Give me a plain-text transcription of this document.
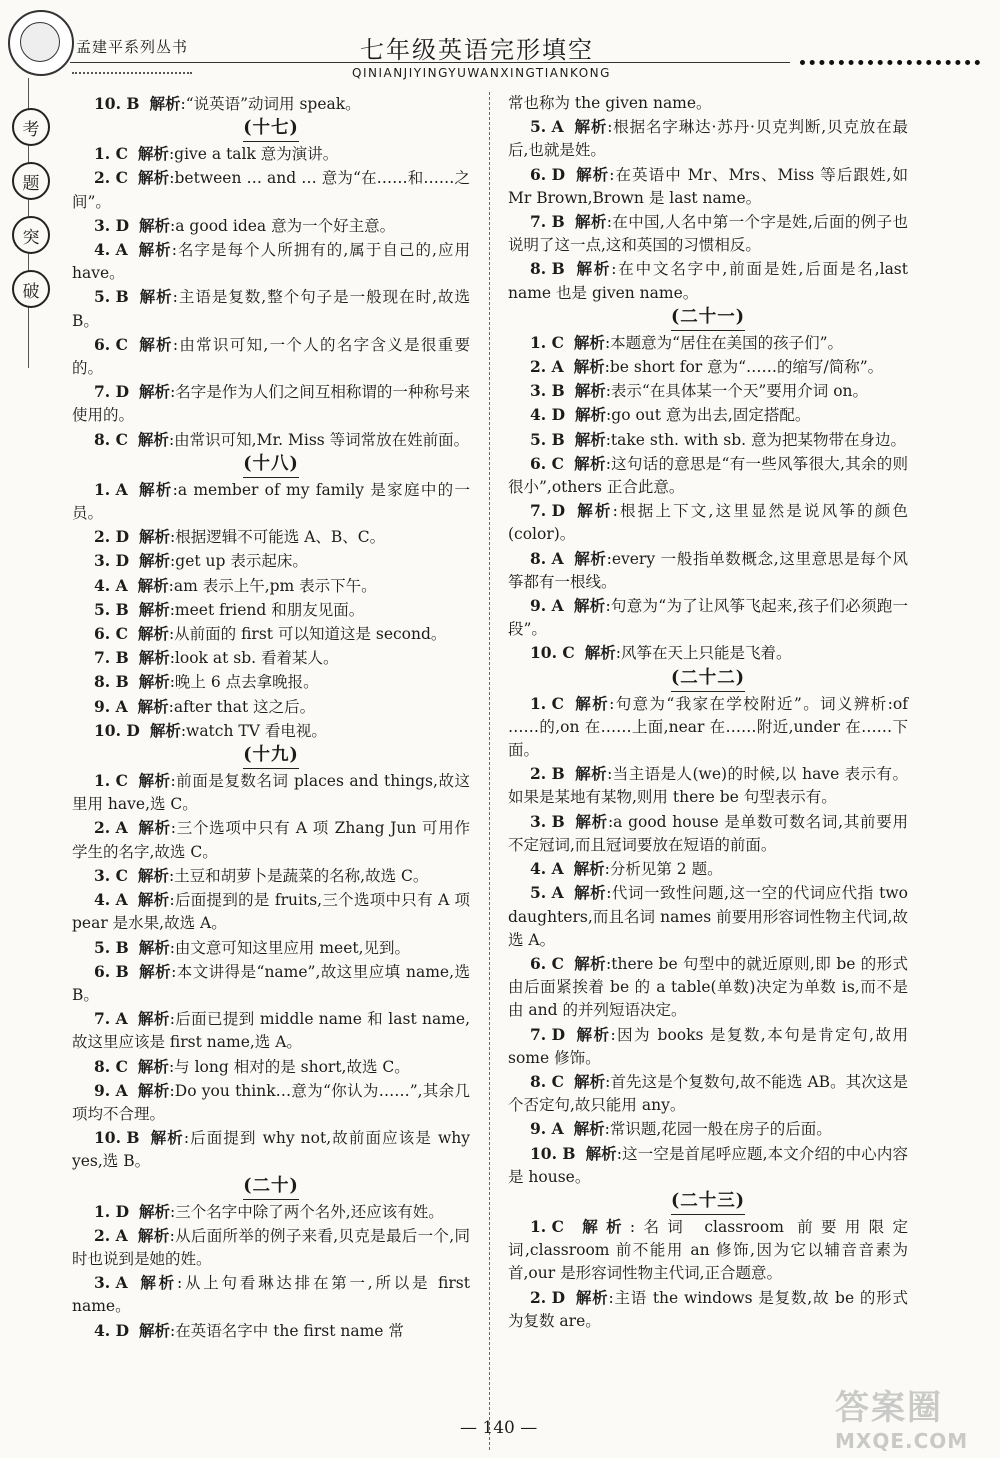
孟建平系列丛书	七年级英语完形填空
QINIANJIYINGYUWANXINGTIANKONG
考
题
突
破

10. B 解析:“说英语”动词用 speak。

(十七)

1. C 解析:give a talk 意为演讲。

2. C 解析:between … and … 意为“在……和……之间”。

3. D 解析:a good idea 意为一个好主意。

4. A 解析:名字是每个人所拥有的,属于自己的,应用 have。

5. B 解析:主语是复数,整个句子是一般现在时,故选 B。

6. C 解析:由常识可知,一个人的名字含义是很重要的。

7. D 解析:名字是作为人们之间互相称谓的一种称号来使用的。

8. C 解析:由常识可知,Mr. Miss 等词常放在姓前面。

(十八)

1. A 解析:a member of my family 是家庭中的一员。

2. D 解析:根据逻辑不可能选 A、B、C。

3. D 解析:get up 表示起床。

4. A 解析:am 表示上午,pm 表示下午。

5. B 解析:meet friend 和朋友见面。

6. C 解析:从前面的 first 可以知道这是 second。

7. B 解析:look at sb. 看着某人。

8. B 解析:晚上 6 点去拿晚报。

9. A 解析:after that 这之后。

10. D 解析:watch TV 看电视。

(十九)

1. C 解析:前面是复数名词 places and things,故这里用 have,选 C。

2. A 解析:三个选项中只有 A 项 Zhang Jun 可用作学生的名字,故选 C。

3. C 解析:土豆和胡萝卜是蔬菜的名称,故选 C。

4. A 解析:后面提到的是 fruits,三个选项中只有 A 项 pear 是水果,故选 A。

5. B 解析:由文意可知这里应用 meet,见到。

6. B 解析:本文讲得是“name”,故这里应填 name,选 B。

7. A 解析:后面已提到 middle name 和 last name,故这里应该是 first name,选 A。

8. C 解析:与 long 相对的是 short,故选 C。

9. A 解析:Do you think…意为“你认为……”,其余几项均不合理。

10. B 解析:后面提到 why not,故前面应该是 why yes,选 B。

(二十)

1. D 解析:三个名字中除了两个名外,还应该有姓。

2. A 解析:从后面所举的例子来看,贝克是最后一个,同时也说到是她的姓。

3. A 解析:从上句看琳达排在第一,所以是 first name。

4. D 解析:在英语名字中 the first name 常

常也称为 the given name。

5. A 解析:根据名字琳达·苏丹·贝克判断,贝克放在最后,也就是姓。

6. D 解析:在英语中 Mr、Mrs、Miss 等后跟姓,如 Mr Brown,Brown 是 last name。

7. B 解析:在中国,人名中第一个字是姓,后面的例子也说明了这一点,这和英国的习惯相反。

8. B 解析:在中文名字中,前面是姓,后面是名,last name 也是 given name。

(二十一)

1. C 解析:本题意为“居住在美国的孩子们”。

2. A 解析:be short for 意为“……的缩写/简称”。

3. B 解析:表示“在具体某一个天”要用介词 on。

4. D 解析:go out 意为出去,固定搭配。

5. B 解析:take sth. with sb. 意为把某物带在身边。

6. C 解析:这句话的意思是“有一些风筝很大,其余的则很小”,others 正合此意。

7. D 解析:根据上下文,这里显然是说风筝的颜色(color)。

8. A 解析:every 一般指单数概念,这里意思是每个风筝都有一根线。

9. A 解析:句意为“为了让风筝飞起来,孩子们必须跑一段”。

10. C 解析:风筝在天上只能是飞着。

(二十二)

1. C 解析:句意为“我家在学校附近”。词义辨析:of ……的,on 在……上面,near 在……附近,under 在……下面。

2. B 解析:当主语是人(we)的时候,以 have 表示有。如果是某地有某物,则用 there be 句型表示有。

3. B 解析:a good house 是单数可数名词,其前要用不定冠词,而且冠词要放在短语的前面。

4. A 解析:分析见第 2 题。

5. A 解析:代词一致性问题,这一空的代词应代指 two daughters,而且名词 names 前要用形容词性物主代词,故选 A。

6. C 解析:there be 句型中的就近原则,即 be 的形式由后面紧挨着 be 的 a table(单数)决定为单数 is,而不是由 and 的并列短语决定。

7. D 解析:因为 books 是复数,本句是肯定句,故用 some 修饰。

8. C 解析:首先这是个复数句,故不能选 AB。其次这是个否定句,故只能用 any。

9. A 解析:常识题,花园一般在房子的后面。

10. B 解析:这一空是首尾呼应题,本文介绍的中心内容是 house。

(二十三)

1. C 解析:名词 classroom 前要用限定词,classroom 前不能用 an 修饰,因为它以辅音音素为首,our 是形容词性物主代词,正合题意。

2. D 解析:主语 the windows 是复数,故 be 的形式为复数 are。

— 140 —	答案圈
MXQE.COM
